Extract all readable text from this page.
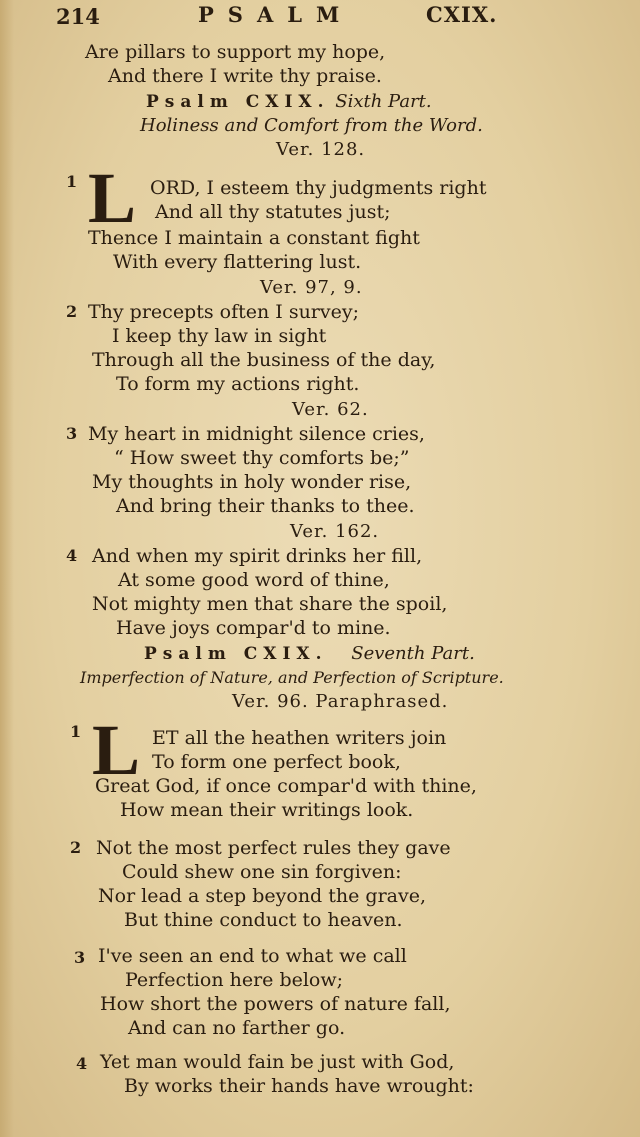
214	PSALM	CXIX.
Are pillars to support my hope,
And there I write thy praise.
Psalm CXIX. Sixth Part.
Holiness and Comfort from the Word.
Ver. 128.
1 L ORD, I esteem thy judgments right
And all thy statutes just;
Thence I maintain a constant fight
With every flattering lust.
Ver. 97, 9.
2 Thy precepts often I survey;
I keep thy law in sight
Through all the business of the day,
To form my actions right.
Ver. 62.
3 My heart in midnight silence cries,
“ How sweet thy comforts be;”
My thoughts in holy wonder rise,
And bring their thanks to thee.
Ver. 162.
4 And when my spirit drinks her fill,
At some good word of thine,
Not mighty men that share the spoil,
Have joys compar'd to mine.
Psalm CXIX. Seventh Part.
Imperfection of Nature, and Perfection of Scripture.
Ver. 96. Paraphrased.
1 L ET all the heathen writers join
To form one perfect book,
Great God, if once compar'd with thine,
How mean their writings look.
2 Not the most perfect rules they gave
Could shew one sin forgiven:
Nor lead a step beyond the grave,
But thine conduct to heaven.
3 I've seen an end to what we call
Perfection here below;
How short the powers of nature fall,
And can no farther go.
4 Yet man would fain be just with God,
By works their hands have wrought:
